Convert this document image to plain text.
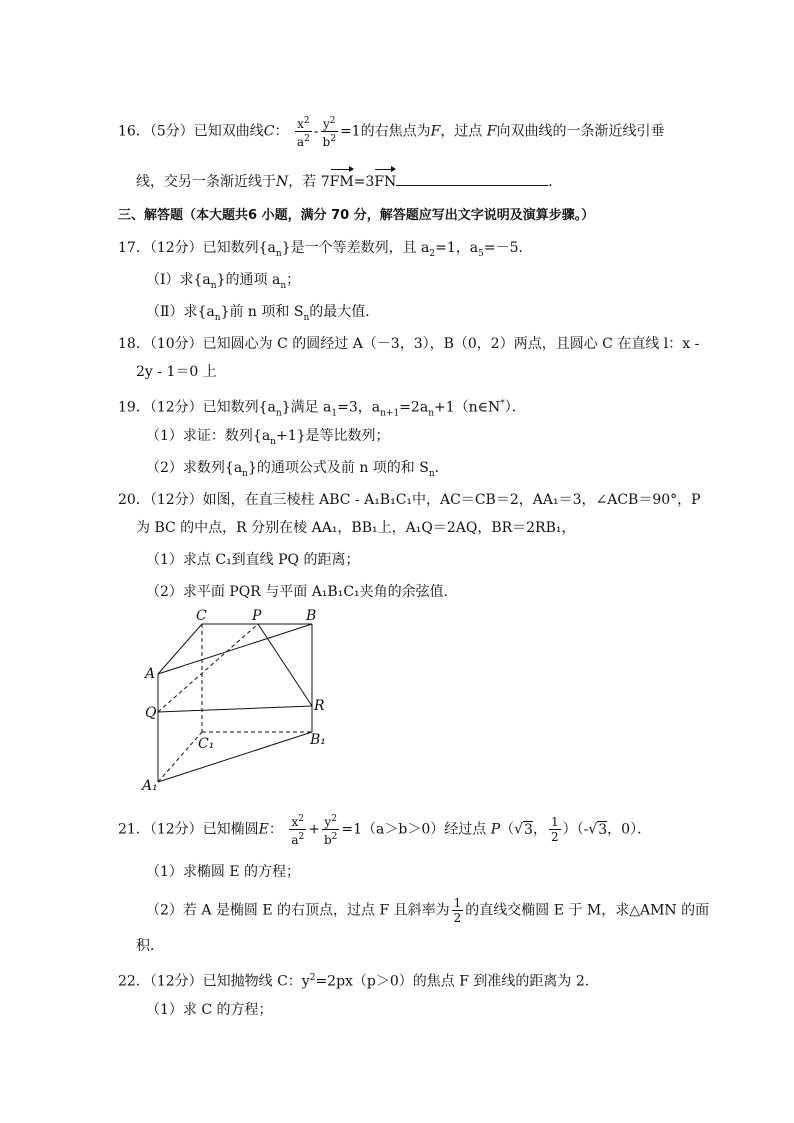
16．（5分）已知双曲线C： $\frac{x^2}{a^2} - \frac{y^2}{b^2} =1$的右焦点为F，过点 F向双曲线的一条渐近线引垂
线，交另一条渐近线于N，若 7FM=3FN	．
三、解答题（本大题共6 小题，满分 70 分，解答题应写出文字说明及演算步骤。）
17．（12分）已知数列$\{a_n\}$是一个等差数列，且 $a_2=1$，$a_5=-5$．
（Ⅰ）求$\{a_n\}$的通项 $a_n$；
（Ⅱ）求$\{a_n\}$前 n 项和 $S_n$的最大值．
18．（10分）已知圆心为 C 的圆经过 A（－3，3），B（0，2）两点，且圆心 C 在直线 l：x -
2y - 1＝0 上
19．（12分）已知数列$\{a_n\}$满足 $a_1=3$，$a_{n+1}=2a_n+1(n\in N^*)$．
（1）求证：数列$\{a_n+1\}$是等比数列；
（2）求数列$\{a_n\}$的通项公式及前 n 项的和 $S_n$．
20．（12分）如图，在直三棱柱 ABC - A₁B₁C₁中，AC＝CB＝2，AA₁＝3，∠ACB＝90°，P
为 BC 的中点，R 分别在棱 AA₁，BB₁上，A₁Q＝2AQ，BR＝2RB₁，
（1）求点 C₁到直线 PQ 的距离；
（2）求平面 PQR 与平面 A₁B₁C₁夹角的余弦值．
C	P	B
A
Q	R
C₁	B₁
A₁
21．（12分）已知椭圆E： $\frac{x^2}{a^2} + \frac{y^2}{b^2} =1(a>b>0)$经过点 P（√3， $\frac{1}{2} )(-√3$，0）．
（1）求椭圆 E 的方程；
（2）若 A 是椭圆 E 的右顶点，过点 F 且斜率为 $\frac{1}{2}$ 的直线交椭圆 E 于 M，求△AMN 的面
积．
22．（12分）已知抛物线 C：$y^2=2px(p>0)$的焦点 F 到准线的距离为 2．
（1）求 C 的方程；
